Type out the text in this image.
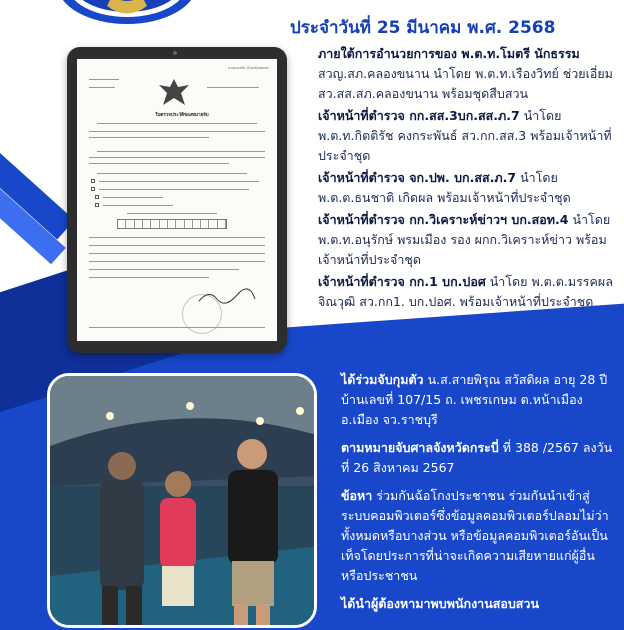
ประจำวันที่ 25 มีนาคม พ.ศ. 2568
แบบกองกัน (ConScanner
ใบตรวจประวัติของหมายจับ

ภายใต้การอำนวยการของ พ.ต.ท.โมตรี นักธรรม
สวญ.สภ.คลองขนาน นำโดย พ.ต.ท.เรืองวิทย์ ช่วยเอี่ยม สว.สส.สภ.คลองขนาน พร้อมชุดสืบสวน

เจ้าหน้าที่ตำรวจ กก.สส.3บก.สส.ภ.7 นำโดย พ.ต.ท.กิตติรัช คงกระพันธ์ สว.กก.สส.3 พร้อมเจ้าหน้าที่ประจำชุด

เจ้าหน้าที่ตำรวจ จก.ปพ. บก.สส.ภ.7 นำโดย พ.ต.ต.ธนชาติ เกิดผล พร้อมเจ้าหน้าที่ประจำชุด

เจ้าหน้าที่ตำรวจ กก.วิเคราะห์ข่าวฯ บก.สอท.4 นำโดย พ.ต.ท.อนุรักษ์ พรมเมือง รอง ผกก.วิเคราะห์ข่าว พร้อมเจ้าหน้าที่ประจำชุด

เจ้าหน้าที่ตำรวจ กก.1 บก.ปอศ นำโดย พ.ต.ต.มรรคผล จิณวุฒิ สว.กก1. บก.ปอศ. พร้อมเจ้าหน้าที่ประจำชุด

ได้ร่วมจับกุมตัว น.ส.สายพิรุณ สวัสดิผล อายุ 28 ปี บ้านเลขที่ 107/15 ถ. เพชรเกษม ต.หน้าเมือง อ.เมือง จว.ราชบุรี

ตามหมายจับศาลจังหวัดกระบี่ ที่ 388 /2567 ลงวันที่ 26 สิงหาคม 2567

ข้อหา ร่วมกันฉ้อโกงประชาชน ร่วมกันนำเข้าสู่ระบบคอมพิวเตอร์ซึ่งข้อมูลคอมพิวเตอร์ปลอมไม่ว่าทั้งหมดหรือบางส่วน หรือข้อมูลคอมพิวเตอร์อันเป็นเท็จโดยประการที่น่าจะเกิดความเสียหายแก่ผู้อื่นหรือประชาชน

ได้นำผู้ต้องหามาพบพนักงานสอบสวน
